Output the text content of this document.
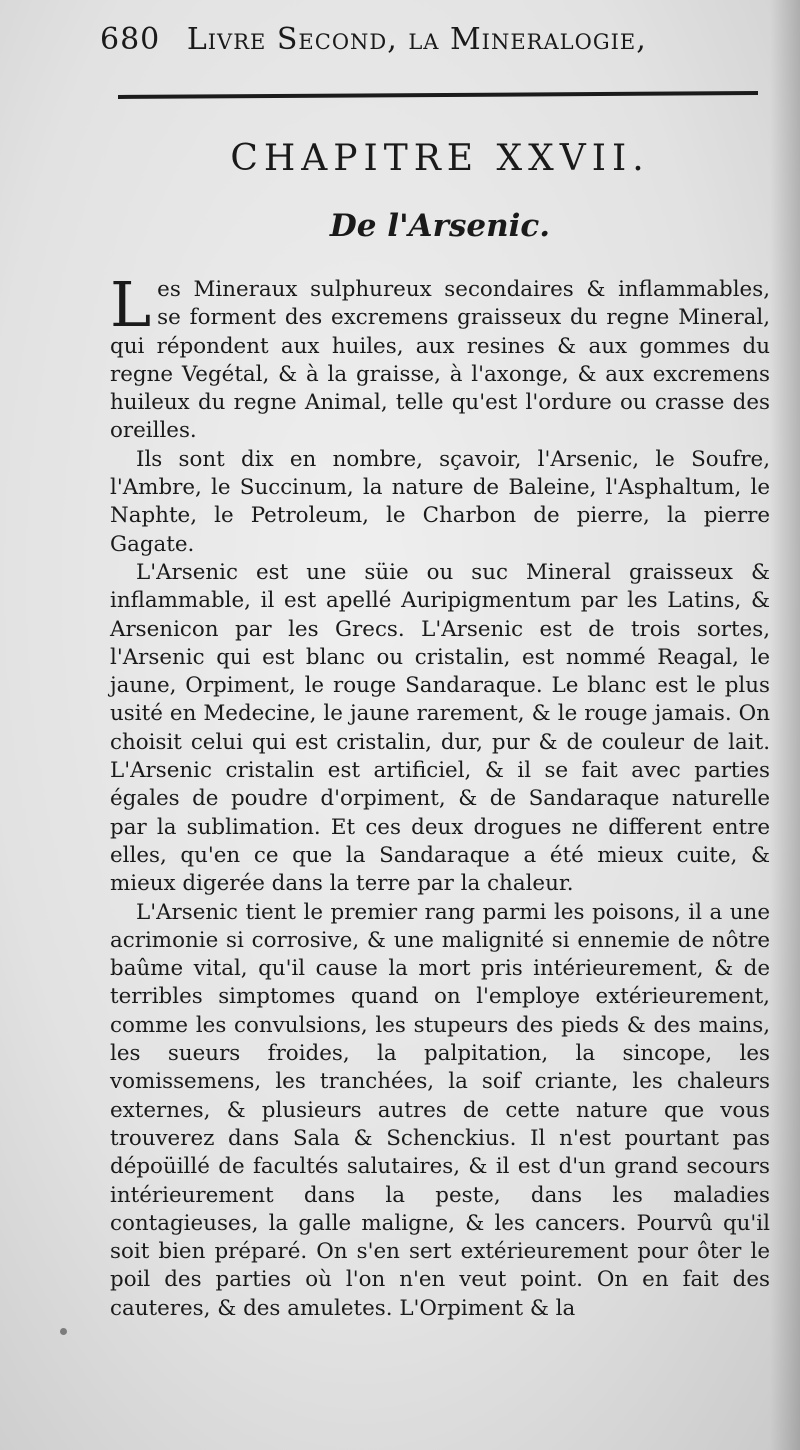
680 Livre Second, la Mineralogie,
CHAPITRE XXVII.
De l'Arsenic.

Les Mineraux sulphureux secondaires & inflammables, se forment des excremens graisseux du regne Mineral, qui répondent aux huiles, aux resines & aux gommes du regne Vegétal, & à la graisse, à l'axonge, & aux excremens huileux du regne Animal, telle qu'est l'ordure ou crasse des oreilles.

Ils sont dix en nombre, sçavoir, l'Arsenic, le Soufre, l'Ambre, le Succinum, la nature de Baleine, l'Asphaltum, le Naphte, le Petroleum, le Charbon de pierre, la pierre Gagate.

L'Arsenic est une süie ou suc Mineral graisseux & inflammable, il est apellé Auripigmentum par les Latins, & Arsenicon par les Grecs. L'Arsenic est de trois sortes, l'Arsenic qui est blanc ou cristalin, est nommé Reagal, le jaune, Orpiment, le rouge Sandaraque. Le blanc est le plus usité en Medecine, le jaune rarement, & le rouge jamais. On choisit celui qui est cristalin, dur, pur & de couleur de lait. L'Arsenic cristalin est artificiel, & il se fait avec parties égales de poudre d'orpiment, & de Sandaraque naturelle par la sublimation. Et ces deux drogues ne different entre elles, qu'en ce que la Sandaraque a été mieux cuite, & mieux digerée dans la terre par la chaleur.

L'Arsenic tient le premier rang parmi les poisons, il a une acrimonie si corrosive, & une malignité si ennemie de nôtre baûme vital, qu'il cause la mort pris intérieurement, & de terribles simptomes quand on l'employe extérieurement, comme les convulsions, les stupeurs des pieds & des mains, les sueurs froides, la palpitation, la sincope, les vomissemens, les tranchées, la soif criante, les chaleurs externes, & plusieurs autres de cette nature que vous trouverez dans Sala & Schenckius. Il n'est pourtant pas dépoüillé de facultés salutaires, & il est d'un grand secours intérieurement dans la peste, dans les maladies contagieuses, la galle maligne, & les cancers. Pourvû qu'il soit bien préparé. On s'en sert extérieurement pour ôter le poil des parties où l'on n'en veut point. On en fait des cauteres, & des amuletes. L'Orpiment & la
